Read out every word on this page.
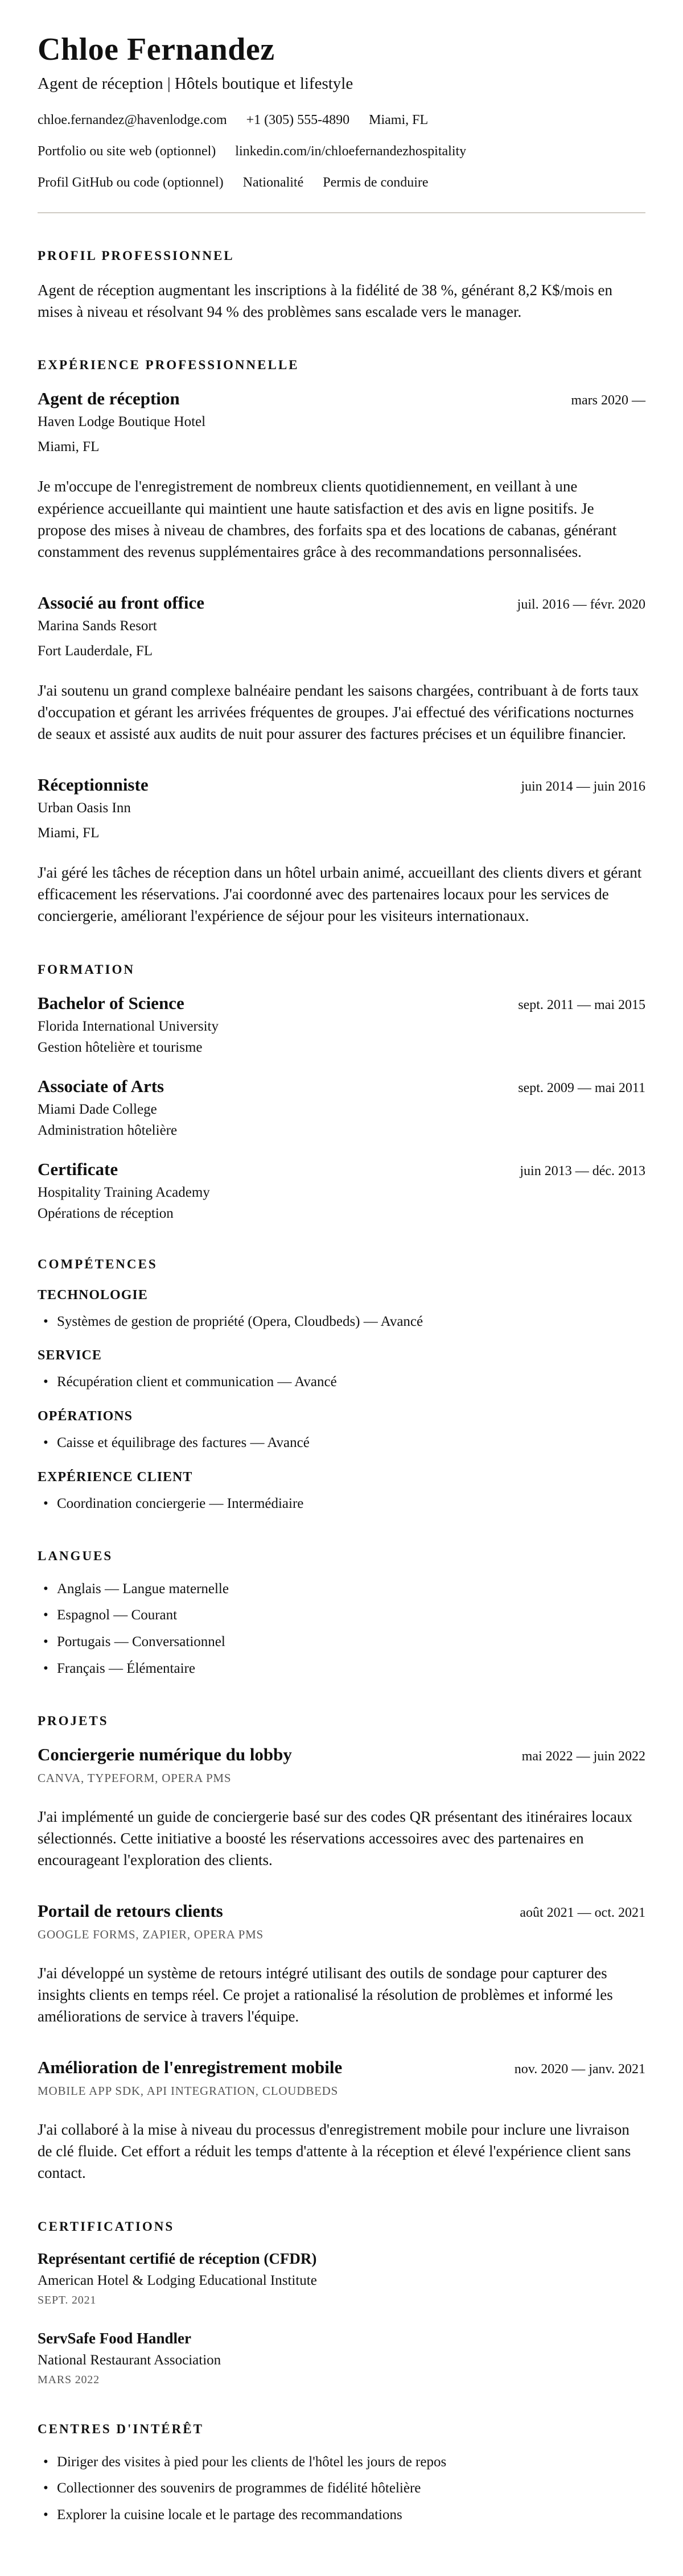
Chloe Fernandez

Agent de réception | Hôtels boutique et lifestyle

chloe.fernandez@havenlodge.com +1 (305) 555-4890 Miami, FL
Portfolio ou site web (optionnel) linkedin.com/in/chloefernandezhospitality
Profil GitHub ou code (optionnel) Nationalité Permis de conduire
PROFIL PROFESSIONNEL

Agent de réception augmentant les inscriptions à la fidélité de 38 %, générant 8,2 K$/mois en mises à niveau et résolvant 94 % des problèmes sans escalade vers le manager.

EXPÉRIENCE PROFESSIONNELLE
Agent de réception	mars 2020 —
Haven Lodge Boutique Hotel
Miami, FL

Je m'occupe de l'enregistrement de nombreux clients quotidiennement, en veillant à une expérience accueillante qui maintient une haute satisfaction et des avis en ligne positifs. Je propose des mises à niveau de chambres, des forfaits spa et des locations de cabanas, générant constamment des revenus supplémentaires grâce à des recommandations personnalisées.

Associé au front office	juil. 2016 — févr. 2020
Marina Sands Resort
Fort Lauderdale, FL

J'ai soutenu un grand complexe balnéaire pendant les saisons chargées, contribuant à de forts taux d'occupation et gérant les arrivées fréquentes de groupes. J'ai effectué des vérifications nocturnes de seaux et assisté aux audits de nuit pour assurer des factures précises et un équilibre financier.

Réceptionniste	juin 2014 — juin 2016
Urban Oasis Inn
Miami, FL

J'ai géré les tâches de réception dans un hôtel urbain animé, accueillant des clients divers et gérant efficacement les réservations. J'ai coordonné avec des partenaires locaux pour les services de conciergerie, améliorant l'expérience de séjour pour les visiteurs internationaux.

FORMATION
Bachelor of Science	sept. 2011 — mai 2015
Florida International University
Gestion hôtelière et tourisme
Associate of Arts	sept. 2009 — mai 2011
Miami Dade College
Administration hôtelière
Certificate	juin 2013 — déc. 2013
Hospitality Training Academy
Opérations de réception
COMPÉTENCES
TECHNOLOGIE
• Systèmes de gestion de propriété (Opera, Cloudbeds) — Avancé
SERVICE
• Récupération client et communication — Avancé
OPÉRATIONS
• Caisse et équilibrage des factures — Avancé
EXPÉRIENCE CLIENT
• Coordination conciergerie — Intermédiaire
LANGUES
• Anglais — Langue maternelle
• Espagnol — Courant
• Portugais — Conversationnel
• Français — Élémentaire
PROJETS
Conciergerie numérique du lobby	mai 2022 — juin 2022
CANVA, TYPEFORM, OPERA PMS

J'ai implémenté un guide de conciergerie basé sur des codes QR présentant des itinéraires locaux sélectionnés. Cette initiative a boosté les réservations accessoires avec des partenaires en encourageant l'exploration des clients.

Portail de retours clients	août 2021 — oct. 2021
GOOGLE FORMS, ZAPIER, OPERA PMS

J'ai développé un système de retours intégré utilisant des outils de sondage pour capturer des insights clients en temps réel. Ce projet a rationalisé la résolution de problèmes et informé les améliorations de service à travers l'équipe.

Amélioration de l'enregistrement mobile	nov. 2020 — janv. 2021
MOBILE APP SDK, API INTEGRATION, CLOUDBEDS

J'ai collaboré à la mise à niveau du processus d'enregistrement mobile pour inclure une livraison de clé fluide. Cet effort a réduit les temps d'attente à la réception et élevé l'expérience client sans contact.

CERTIFICATIONS
Représentant certifié de réception (CFDR)
American Hotel & Lodging Educational Institute
SEPT. 2021
ServSafe Food Handler
National Restaurant Association
MARS 2022
CENTRES D'INTÉRÊT
• Diriger des visites à pied pour les clients de l'hôtel les jours de repos
• Collectionner des souvenirs de programmes de fidélité hôtelière
• Explorer la cuisine locale et le partage des recommandations
